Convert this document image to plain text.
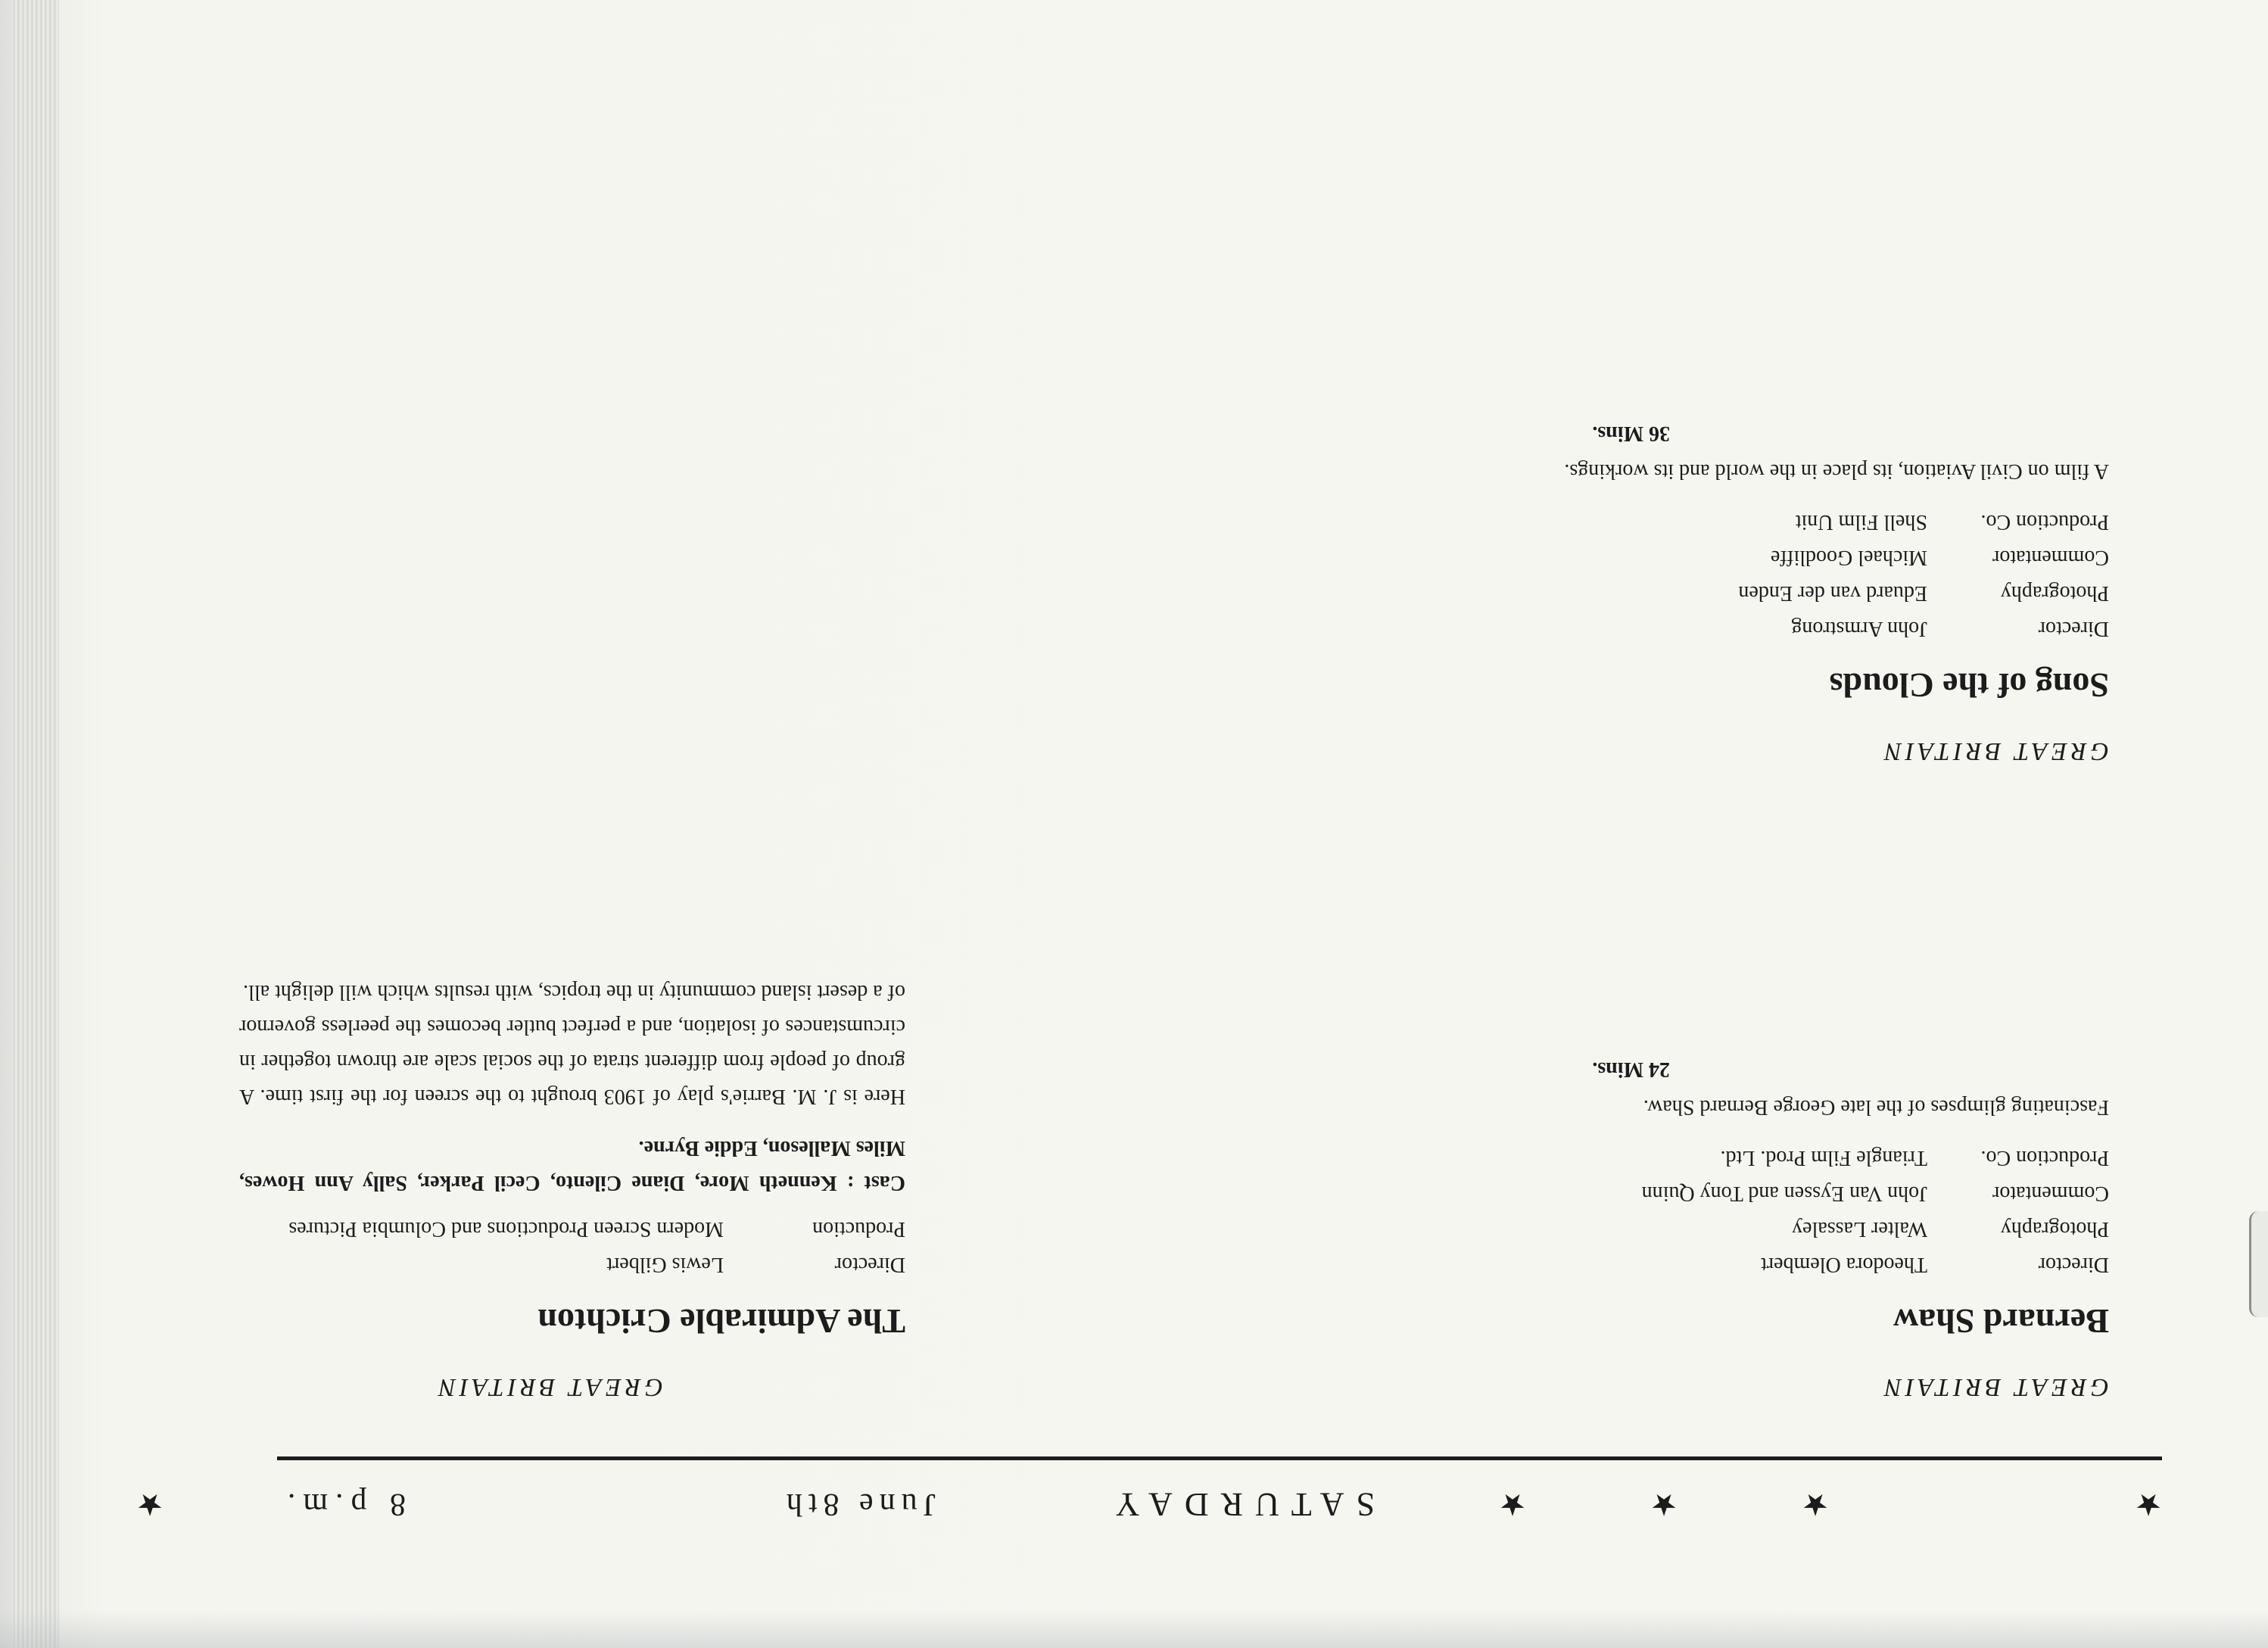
★
SATURDAY
June 8th
8 p.m.
★	★	★	★
GREAT BRITAIN
Bernard Shaw
Director
Theodora Olembert
Photography
Walter Lassaley
Commentator
John Van Eyssen and Tony Quinn
Production Co.
Triangle Film Prod. Ltd.
Fascinating glimpses of the late George Bernard Shaw.
24 Mins.
GREAT BRITAIN
The Admirable Crichton
Director
Lewis Gilbert
Production
Modern Screen Productions and Columbia Pictures
Cast : Kenneth More, Diane Cilento, Cecil Parker, Sally Ann Howes, Miles Malleson, Eddie Byrne.
Here is J. M. Barrie's play of 1903 brought to the screen for the first time. A group of people from different strata of the social scale are thrown together in circumstances of isolation, and a perfect butler becomes the peerless governor of a desert island community in the tropics, with results which will delight all.
GREAT BRITAIN
Song of the Clouds
Director
John Armstrong
Photography
Eduard van der Enden
Commentator
Michael Goodliffe
Production Co.
Shell Film Unit
A film on Civil Aviation, its place in the world and its workings.
36 Mins.
